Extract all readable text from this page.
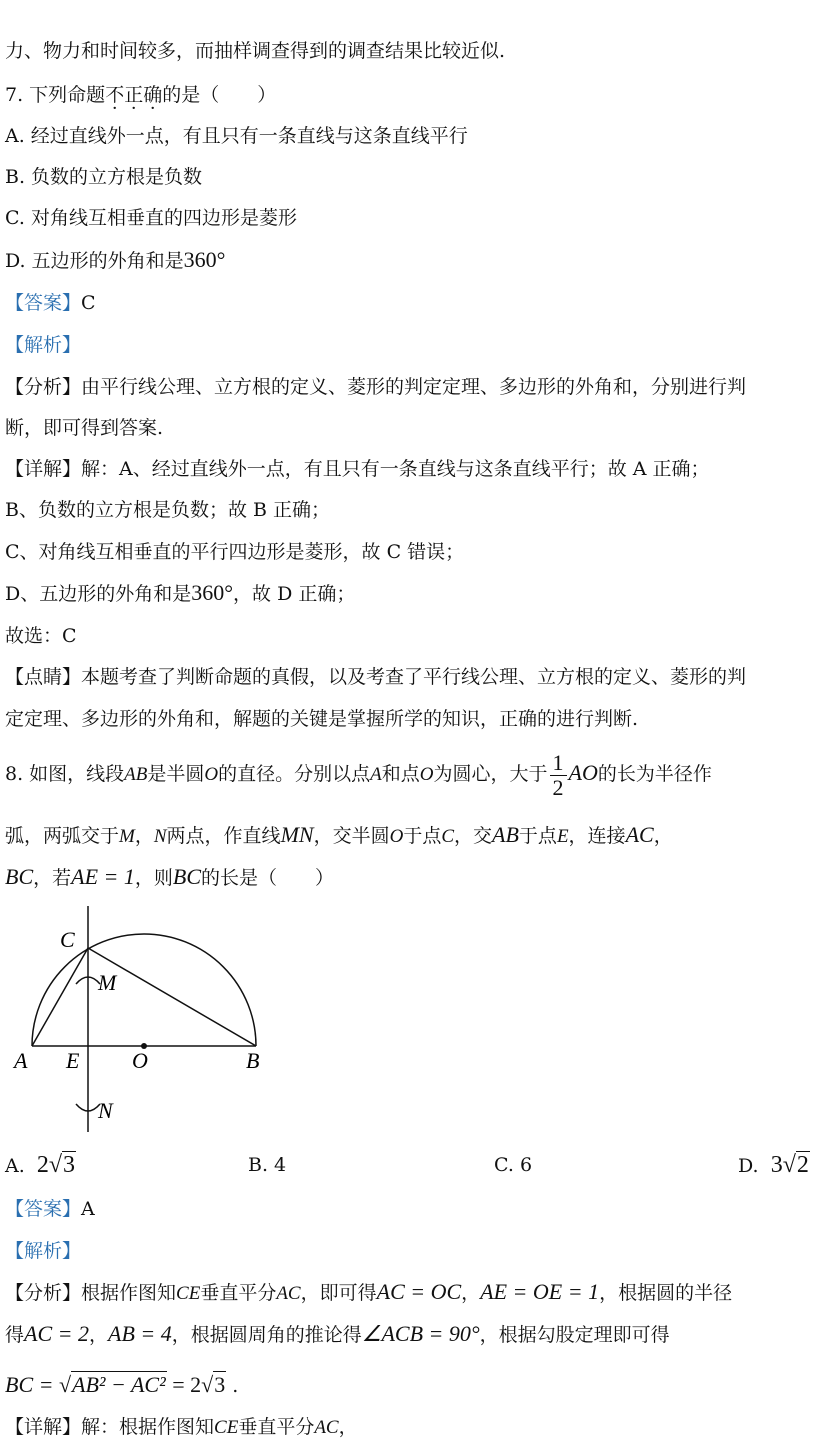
力、物力和时间较多，而抽样调查得到的调查结果比较近似.
7. 下列命题不正确的是（　　）
A. 经过直线外一点，有且只有一条直线与这条直线平行
B. 负数的立方根是负数
C. 对角线互相垂直的四边形是菱形
D. 五边形的外角和是360°
【答案】C
【解析】
【分析】由平行线公理、立方根的定义、菱形的判定定理、多边形的外角和，分别进行判
断，即可得到答案.
【详解】解：A、经过直线外一点，有且只有一条直线与这条直线平行；故 A 正确；
B、负数的立方根是负数；故 B 正确；
C、对角线互相垂直的平行四边形是菱形，故 C 错误；
D、五边形的外角和是360°，故 D 正确；
故选：C
【点睛】本题考查了判断命题的真假，以及考查了平行线公理、立方根的定义、菱形的判
定定理、多边形的外角和，解题的关键是掌握所学的知识，正确的进行判断.
8. 如图，线段AB是半圆O的直径。分别以点A和点O为圆心，大于 $\frac{1}{2}$ AO的长为半径作
弧，两弧交于M，N两点，作直线MN，交半圆O于点C，交AB于点E，连接AC，
BC，若AE = 1，则BC的长是（　　）
C
M
A E O	B
N
A. 2√3	B. 4	C. 6	D. 3√2
【答案】A
【解析】
【分析】根据作图知CE垂直平分AC，即可得AC = OC，AE = OE = 1，根据圆的半径
得AC = 2，AB = 4，根据圆周角的推论得∠ACB = 90°，根据勾股定理即可得
BC = √AB² − AC² = 2√3 .
【详解】解：根据作图知CE垂直平分AC，
